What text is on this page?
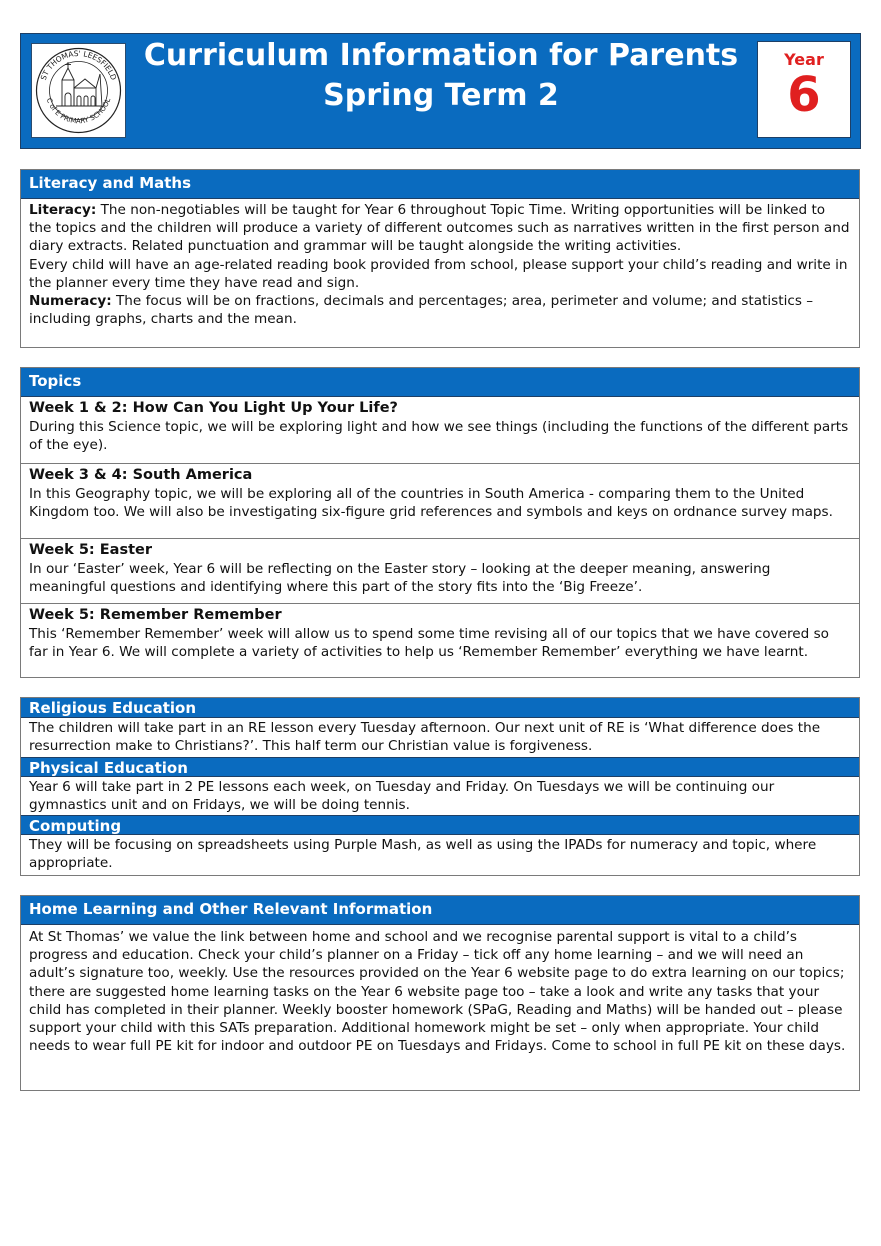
ST THOMAS' LEESFIELD
C of E PRIMARY SCHOOL
Curriculum Information for Parents
Spring Term 2
Year
6
Literacy and Maths

Literacy: The non-negotiables will be taught for Year 6 throughout Topic Time. Writing opportunities will be linked to the topics and the children will produce a variety of different outcomes such as narratives written in the first person and diary extracts. Related punctuation and grammar will be taught alongside the writing activities.

Every child will have an age-related reading book provided from school, please support your child’s reading and write in the planner every time they have read and sign.

Numeracy: The focus will be on fractions, decimals and percentages; area, perimeter and volume; and statistics – including graphs, charts and the mean.

Topics
Week 1 & 2: How Can You Light Up Your Life?

During this Science topic, we will be exploring light and how we see things (including the functions of the different parts of the eye).

Week 3 & 4: South America

In this Geography topic, we will be exploring all of the countries in South America - comparing them to the United Kingdom too. We will also be investigating six-figure grid references and symbols and keys on ordnance survey maps.

Week 5: Easter

In our ‘Easter’ week, Year 6 will be reflecting on the Easter story – looking at the deeper meaning, answering meaningful questions and identifying where this part of the story fits into the ‘Big Freeze’.

Week 5: Remember Remember

This ‘Remember Remember’ week will allow us to spend some time revising all of our topics that we have covered so far in Year 6. We will complete a variety of activities to help us ‘Remember Remember’ everything we have learnt.

Religious Education

The children will take part in an RE lesson every Tuesday afternoon. Our next unit of RE is ‘What difference does the resurrection make to Christians?’. This half term our Christian value is forgiveness.

Physical Education

Year 6 will take part in 2 PE lessons each week, on Tuesday and Friday. On Tuesdays we will be continuing our gymnastics unit and on Fridays, we will be doing tennis.

Computing

They will be focusing on spreadsheets using Purple Mash, as well as using the IPADs for numeracy and topic, where appropriate.

Home Learning and Other Relevant Information

At St Thomas’ we value the link between home and school and we recognise parental support is vital to a child’s progress and education. Check your child’s planner on a Friday – tick off any home learning – and we will need an adult’s signature too, weekly. Use the resources provided on the Year 6 website page to do extra learning on our topics; there are suggested home learning tasks on the Year 6 website page too – take a look and write any tasks that your child has completed in their planner. Weekly booster homework (SPaG, Reading and Maths) will be handed out – please support your child with this SATs preparation. Additional homework might be set – only when appropriate. Your child needs to wear full PE kit for indoor and outdoor PE on Tuesdays and Fridays. Come to school in full PE kit on these days.
